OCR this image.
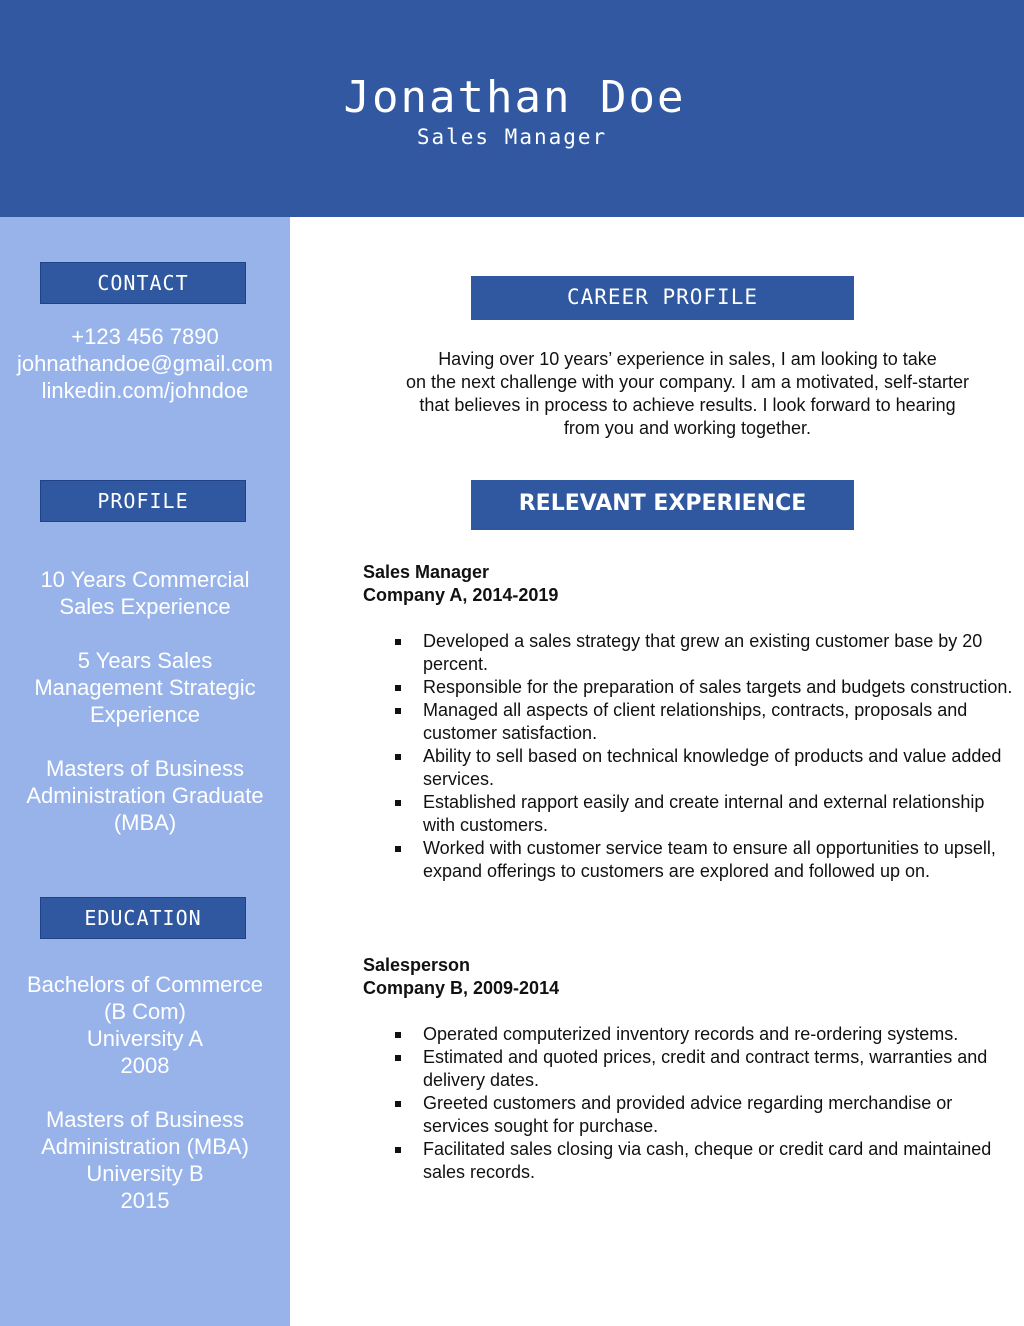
Jonathan Doe
Sales Manager
CONTACT
+123 456 7890
johnathandoe@gmail.com
linkedin.com/johndoe
PROFILE
10 Years Commercial
Sales Experience
5 Years Sales
Management Strategic
Experience
Masters of Business
Administration Graduate
(MBA)
EDUCATION
Bachelors of Commerce
(B Com)
University A
2008
Masters of Business
Administration (MBA)
University B
2015
CAREER PROFILE
Having over 10 years’ experience in sales, I am looking to take
on the next challenge with your company. I am a motivated, self-starter
that believes in process to achieve results. I look forward to hearing
from you and working together.
RELEVANT EXPERIENCE
Sales Manager
Company A, 2014-2019
Developed a sales strategy that grew an existing customer base by 20 percent.
Responsible for the preparation of sales targets and budgets construction.
Managed all aspects of client relationships, contracts, proposals and customer satisfaction.
Ability to sell based on technical knowledge of products and value added services.
Established rapport easily and create internal and external relationship with customers.
Worked with customer service team to ensure all opportunities to upsell, expand offerings to customers are explored and followed up on.
Salesperson
Company B, 2009-2014
Operated computerized inventory records and re-ordering systems.
Estimated and quoted prices, credit and contract terms, warranties and delivery dates.
Greeted customers and provided advice regarding merchandise or services sought for purchase.
Facilitated sales closing via cash, cheque or credit card and maintained sales records.
